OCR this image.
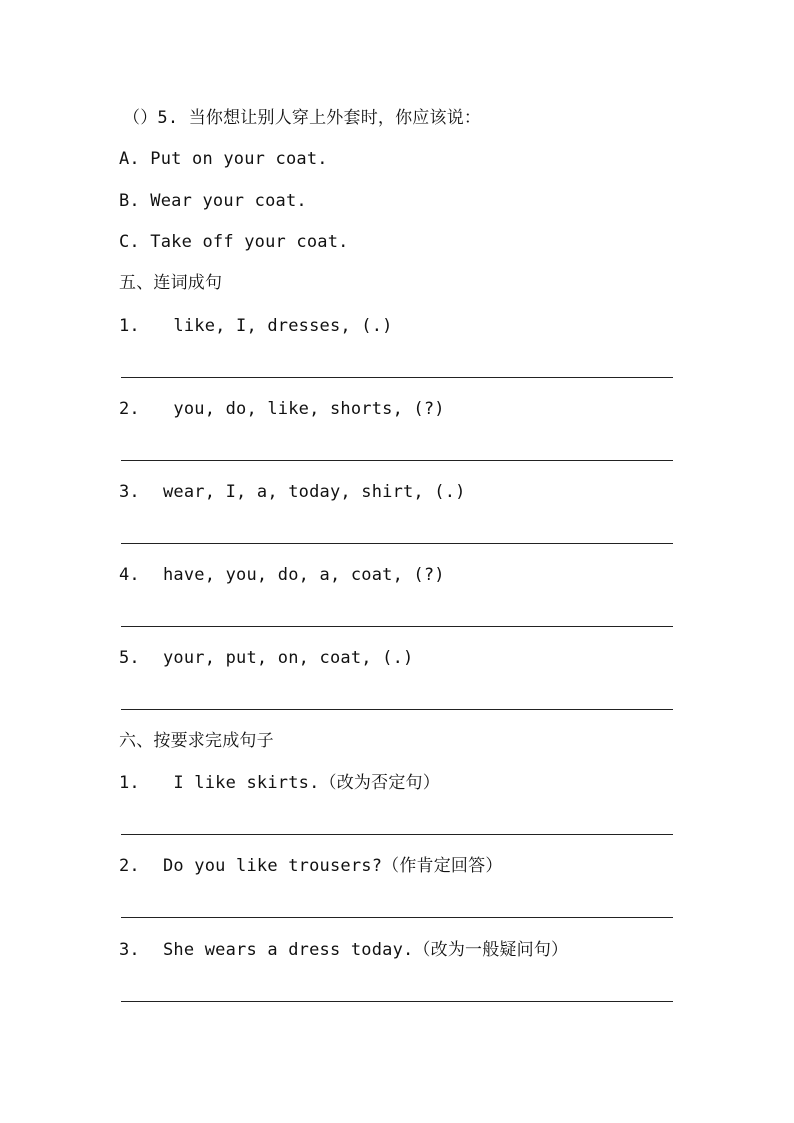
（）5. 当你想让别人穿上外套时，你应该说：
A. Put on your coat.
B. Wear your coat.
C. Take off your coat.
五、连词成句
1. like, I, dresses, (.)
2. you, do, like, shorts, (?)
3. wear, I, a, today, shirt, (.)
4. have, you, do, a, coat, (?)
5. your, put, on, coat, (.)
六、按要求完成句子
1. I like skirts.（改为否定句）
2. Do you like trousers?（作肯定回答）
3. She wears a dress today.（改为一般疑问句）
